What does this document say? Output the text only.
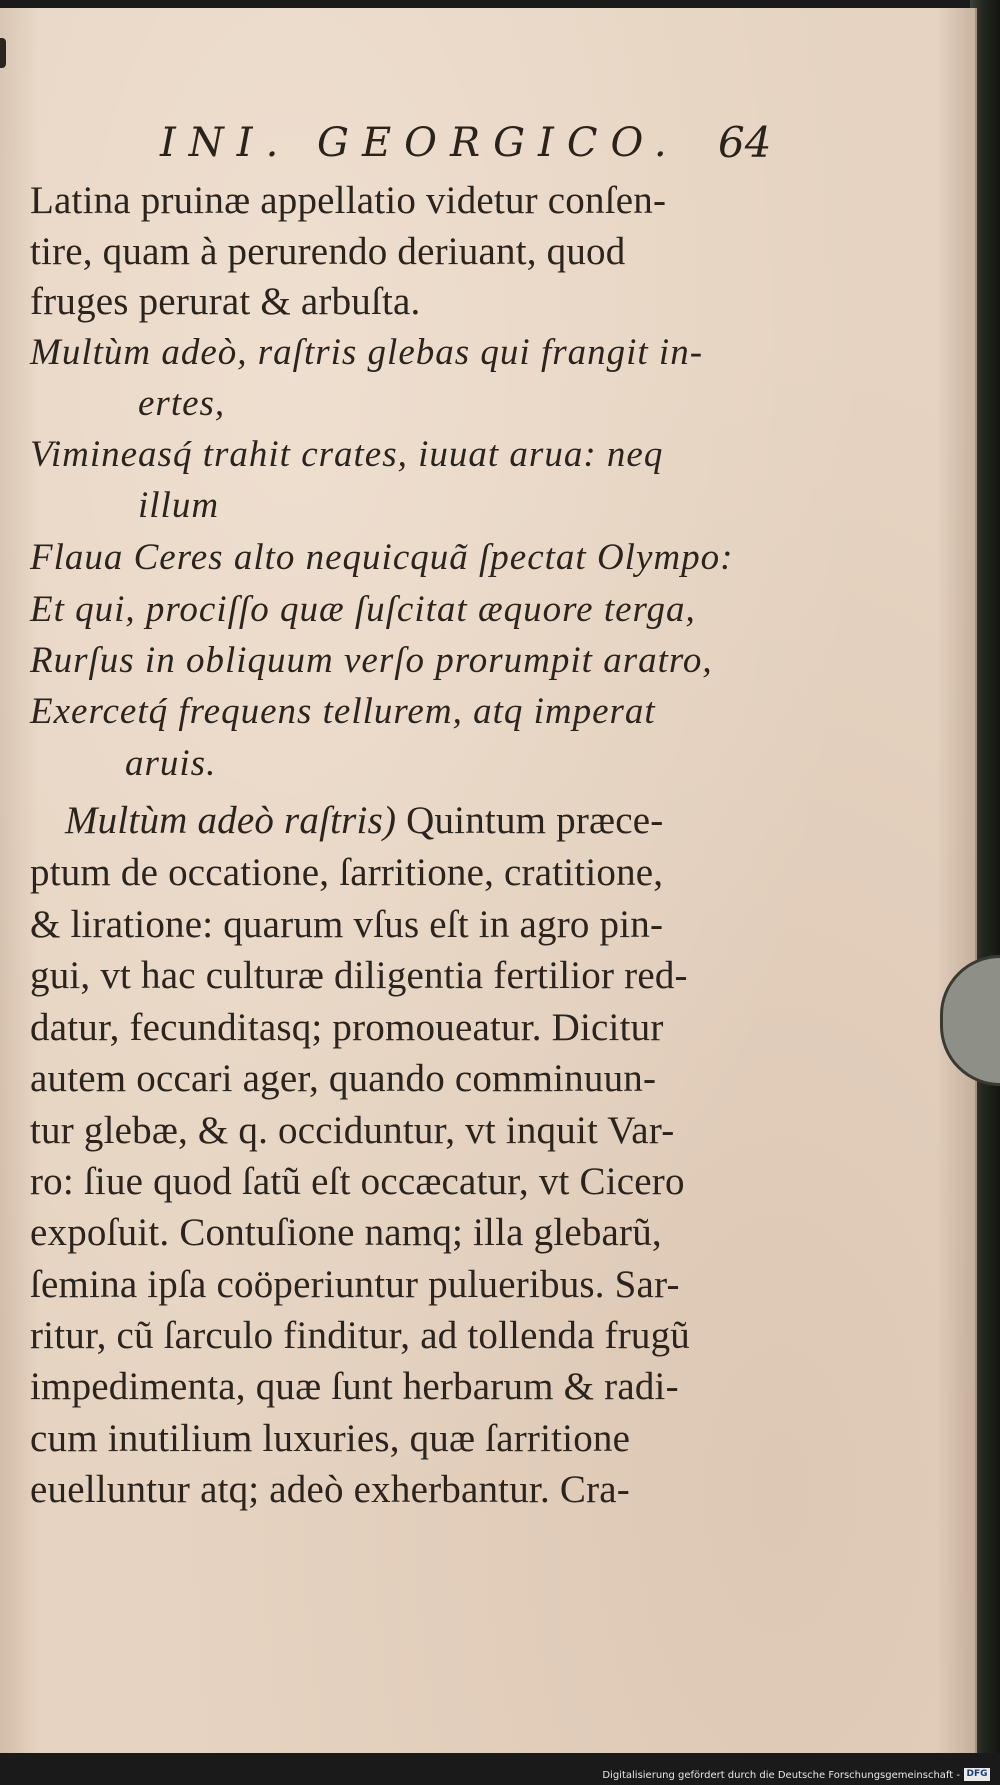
INI. GEORGICO. 64
Latina pruinæ appellatio videtur conſen-
tire, quam à perurendo deriuant, quod
fruges perurat & arbuſta.
Multùm adeò, raſtris glebas qui frangit in-
ertes,
Vimineasq́ trahit crates, iuuat arua: neq
illum
Flaua Ceres alto nequicquã ſpectat Olympo:
Et qui, prociſſo quæ ſuſcitat æquore terga,
Rurſus in obliquum verſo prorumpit aratro,
Exercetq́ frequens tellurem, atq imperat
aruis.
Multùm adeò raſtris) Quintum præce-
ptum de occatione, ſarritione, cratitione,
& liratione: quarum vſus eſt in agro pin-
gui, vt hac culturæ diligentia fertilior red-
datur, fecunditasq; promoueatur. Dicitur
autem occari ager, quando comminuun-
tur glebæ, & q. occiduntur, vt inquit Var-
ro: ſiue quod ſatũ eſt occæcatur, vt Cicero
expoſuit. Contuſione namq; illa glebarũ,
ſemina ipſa coöperiuntur pulueribus. Sar-
ritur, cũ ſarculo finditur, ad tollenda frugũ
impedimenta, quæ ſunt herbarum & radi-
cum inutilium luxuries, quæ ſarritione
euelluntur atq; adeò exherbantur. Cra-
Digitalisierung gefördert durch die Deutsche Forschungsgemeinschaft - DFG
